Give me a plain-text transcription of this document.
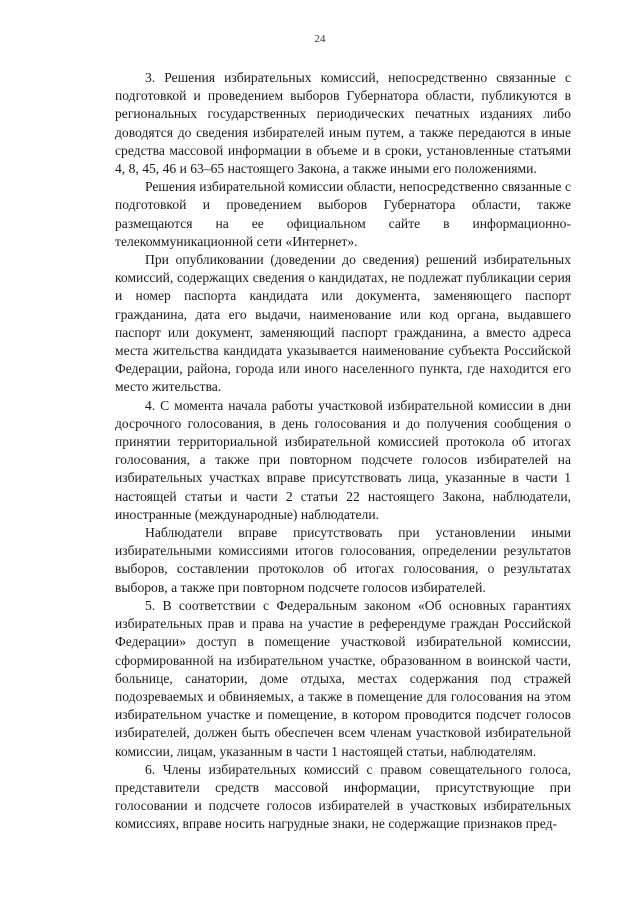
24

3. Решения избирательных комиссий, непосредственно связанные с подготовкой и проведением выборов Губернатора области, публикуются в региональных государственных периодических печатных изданиях либо доводятся до сведения избирателей иным путем, а также передаются в иные средства массовой информации в объеме и в сроки, установленные статьями 4, 8, 45, 46 и 63–65 настоящего Закона, а также иными его положениями.

Решения избирательной комиссии области, непосредственно связанные с подготовкой и проведением выборов Губернатора области, также размещаются на ее официальном сайте в информационно-телекоммуникационной сети «Интернет».

При опубликовании (доведении до сведения) решений избирательных комиссий, содержащих сведения о кандидатах, не подлежат публикации серия и номер паспорта кандидата или документа, заменяющего паспорт гражданина, дата его выдачи, наименование или код органа, выдавшего паспорт или документ, заменяющий паспорт гражданина, а вместо адреса места жительства кандидата указывается наименование субъекта Российской Федерации, района, города или иного населенного пункта, где находится его место жительства.

4. С момента начала работы участковой избирательной комиссии в дни досрочного голосования, в день голосования и до получения сообщения о принятии территориальной избирательной комиссией протокола об итогах голосования, а также при повторном подсчете голосов избирателей на избирательных участках вправе присутствовать лица, указанные в части 1 настоящей статьи и части 2 статьи 22 настоящего Закона, наблюдатели, иностранные (международные) наблюдатели.

Наблюдатели вправе присутствовать при установлении иными избирательными комиссиями итогов голосования, определении результатов выборов, составлении протоколов об итогах голосования, о результатах выборов, а также при повторном подсчете голосов избирателей.

5. В соответствии с Федеральным законом «Об основных гарантиях избирательных прав и права на участие в референдуме граждан Российской Федерации» доступ в помещение участковой избирательной комиссии, сформированной на избирательном участке, образованном в воинской части, больнице, санатории, доме отдыха, местах содержания под стражей подозреваемых и обвиняемых, а также в помещение для голосования на этом избирательном участке и помещение, в котором проводится подсчет голосов избирателей, должен быть обеспечен всем членам участковой избирательной комиссии, лицам, указанным в части 1 настоящей статьи, наблюдателям.

6. Члены избирательных комиссий с правом совещательного голоса, представители средств массовой информации, присутствующие при голосовании и подсчете голосов избирателей в участковых избирательных комиссиях, вправе носить нагрудные знаки, не содержащие признаков пред-
